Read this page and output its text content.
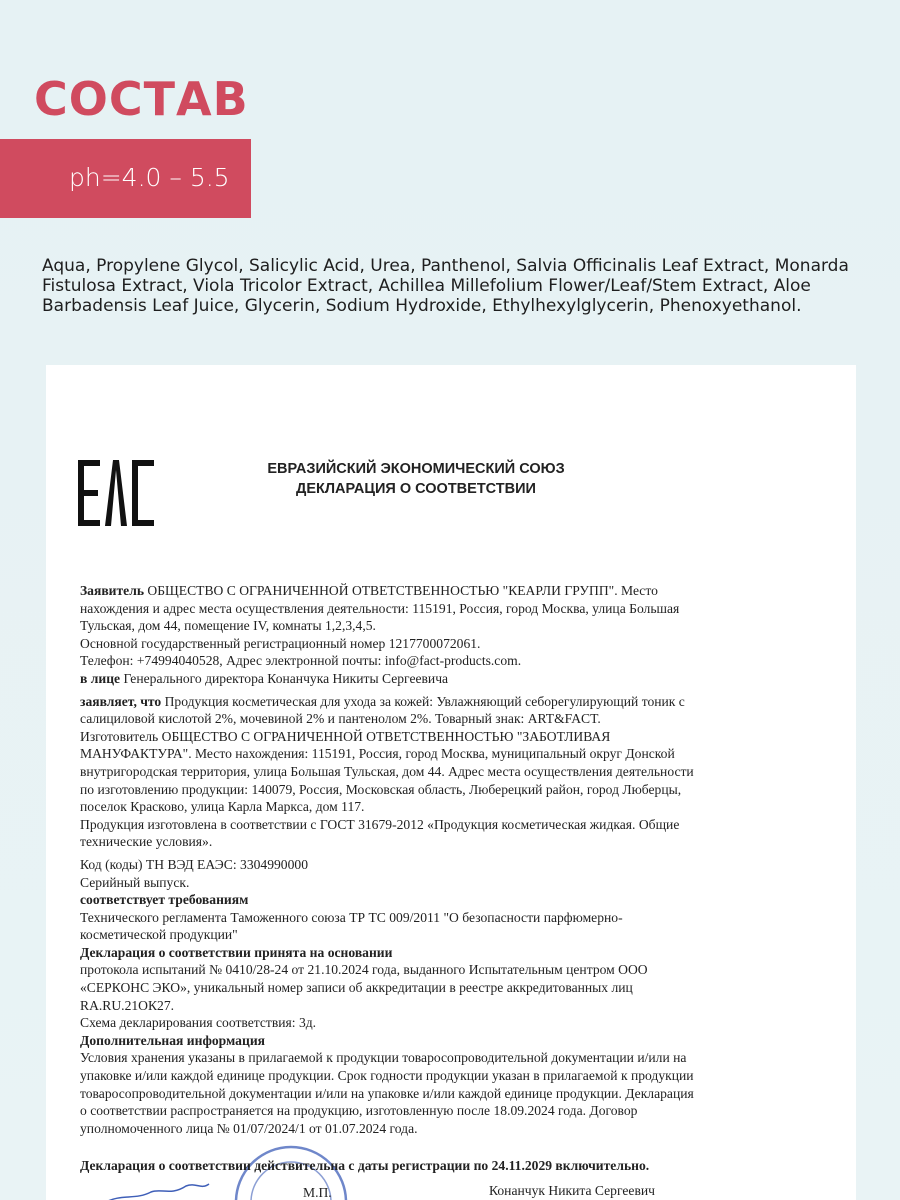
СОСТАВ
ph=4.0 – 5.5
Aqua, Propylene Glycol, Salicylic Acid, Urea, Panthenol, Salvia Officinalis Leaf Extract, Monarda Fistulosa Extract, Viola Tricolor Extract, Achillea Millefolium Flower/Leaf/Stem Extract, Aloe Barbadensis Leaf Juice, Glycerin, Sodium Hydroxide, Ethylhexylglycerin, Phenoxyethanol.
ЕВРАЗИЙСКИЙ ЭКОНОМИЧЕСКИЙ СОЮЗ
ДЕКЛАРАЦИЯ О СООТВЕТСТВИИ
Заявитель ОБЩЕСТВО С ОГРАНИЧЕННОЙ ОТВЕТСТВЕННОСТЬЮ "КЕАРЛИ ГРУПП". Место
нахождения и адрес места осуществления деятельности: 115191, Россия, город Москва, улица Большая
Тульская, дом 44, помещение IV, комнаты 1,2,3,4,5.
Основной государственный регистрационный номер 1217700072061.
Телефон: +74994040528, Адрес электронной почты: info@fact-products.com.
в лице Генерального директора Конанчука Никиты Сергеевича
заявляет, что Продукция косметическая для ухода за кожей: Увлажняющий себорегулирующий тоник с
салициловой кислотой 2%, мочевиной 2% и пантенолом 2%. Товарный знак: ART&FACT.
Изготовитель ОБЩЕСТВО С ОГРАНИЧЕННОЙ ОТВЕТСТВЕННОСТЬЮ "ЗАБОТЛИВАЯ
МАНУФАКТУРА". Место нахождения: 115191, Россия, город Москва, муниципальный округ Донской
внутригородская территория, улица Большая Тульская, дом 44. Адрес места осуществления деятельности
по изготовлению продукции: 140079, Россия, Московская область, Люберецкий район, город Люберцы,
поселок Красково, улица Карла Маркса, дом 117.
Продукция изготовлена в соответствии с ГОСТ 31679-2012 «Продукция косметическая жидкая. Общие
технические условия».
Код (коды) ТН ВЭД ЕАЭС: 3304990000
Серийный выпуск.
соответствует требованиям
Технического регламента Таможенного союза ТР ТС 009/2011 "О безопасности парфюмерно-
косметической продукции"
Декларация о соответствии принята на основании
протокола испытаний № 0410/28-24 от 21.10.2024 года, выданного Испытательным центром ООО
«СЕРКОНС ЭКО», уникальный номер записи об аккредитации в реестре аккредитованных лиц
RA.RU.21ОК27.
Схема декларирования соответствия: 3д.
Дополнительная информация
Условия хранения указаны в прилагаемой к продукции товаросопроводительной документации и/или на
упаковке и/или каждой единице продукции. Срок годности продукции указан в прилагаемой к продукции
товаросопроводительной документации и/или на упаковке и/или каждой единице продукции. Декларация
о соответствии распространяется на продукцию, изготовленную после 18.09.2024 года. Договор
уполномоченного лица № 01/07/2024/1 от 01.07.2024 года.
Декларация о соответствии действительна с даты регистрации по 24.11.2029 включительно.
М.П.	Конанчук Никита Сергеевич
